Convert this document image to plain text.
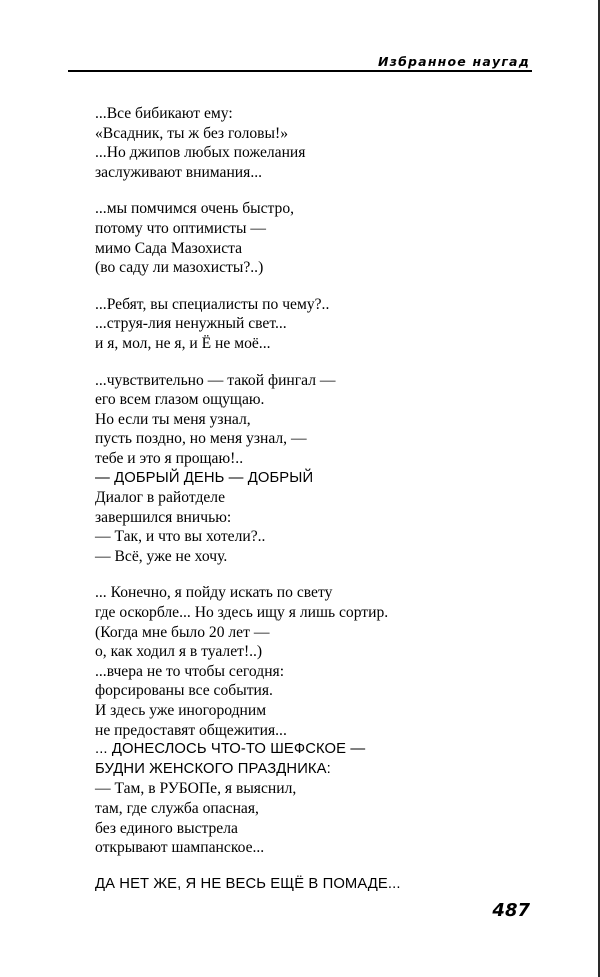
Избранное наугад
...Все бибикают ему:
«Всадник, ты ж без головы!»
...Но джипов любых пожелания
заслуживают внимания...
...мы помчимся очень быстро,
потому что оптимисты —
мимо Сада Мазохиста
(во саду ли мазохисты?..)
...Ребят, вы специалисты по чему?..
...струя-лия ненужный свет...
и я, мол, не я, и Ё не моё...
...чувствительно — такой фингал —
его всем глазом ощущаю.
Но если ты меня узнал,
пусть поздно, но меня узнал, —
тебе и это я прощаю!..
— ДОБРЫЙ ДЕНЬ — ДОБРЫЙ
Диалог в райотделе
завершился вничью:
— Так, и что вы хотели?..
— Всё, уже не хочу.
... Конечно, я пойду искать по свету
где оскорбле... Но здесь ищу я лишь сортир.
(Когда мне было 20 лет —
о, как ходил я в туалет!..)
...вчера не то чтобы сегодня:
форсированы все события.
И здесь уже иногородним
не предоставят общежития...
... ДОНЕСЛОСЬ ЧТО-ТО ШЕФСКОЕ —
БУДНИ ЖЕНСКОГО ПРАЗДНИКА:
— Там, в РУБОПе, я выяснил,
там, где служба опасная,
без единого выстрела
открывают шампанское...
ДА НЕТ ЖЕ, Я НЕ ВЕСЬ ЕЩЁ В ПОМАДЕ...
487
